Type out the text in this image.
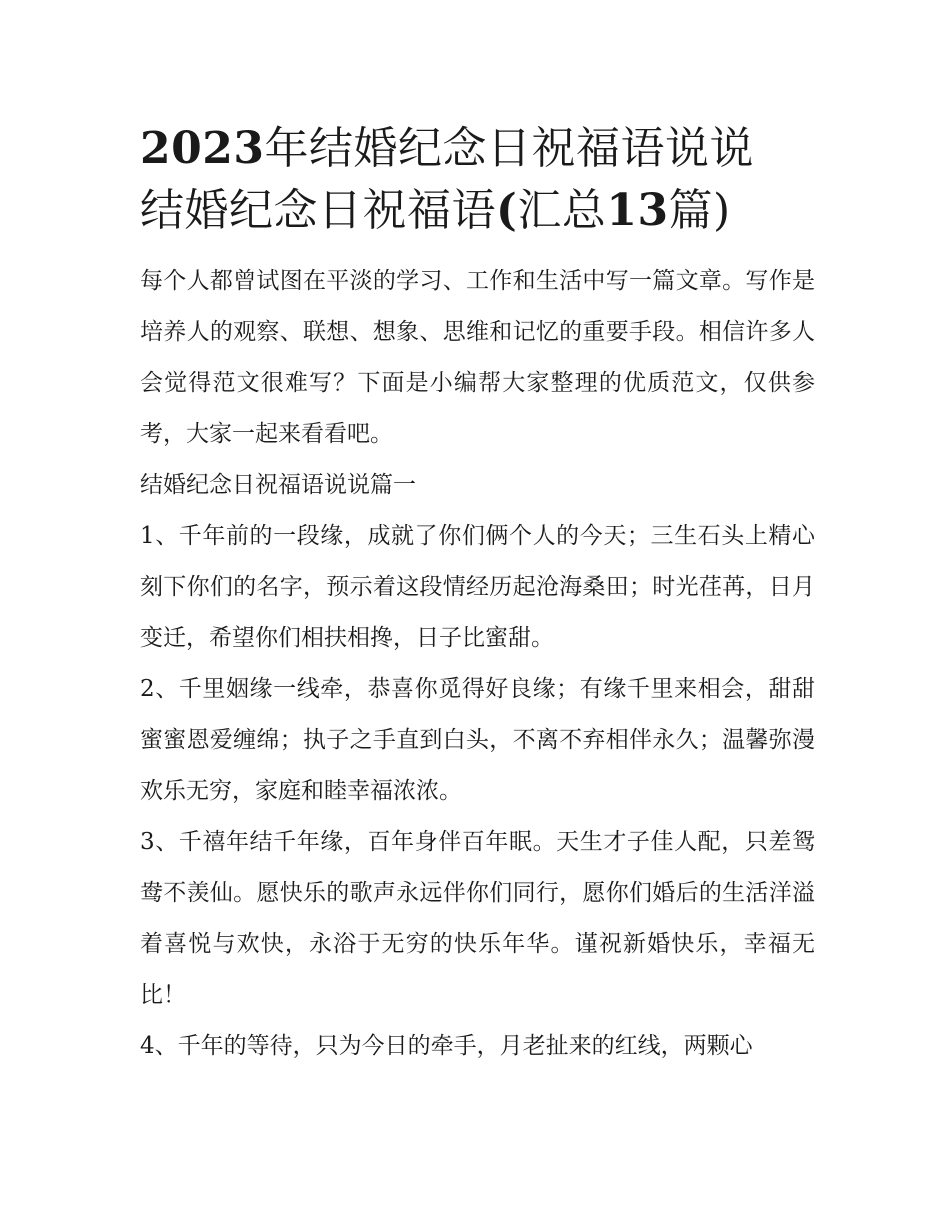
2023年结婚纪念日祝福语说说
结婚纪念日祝福语(汇总13篇)

每个人都曾试图在平淡的学习、工作和生活中写一篇文章。写作是培养人的观察、联想、想象、思维和记忆的重要手段。相信许多人会觉得范文很难写？下面是小编帮大家整理的优质范文，仅供参考，大家一起来看看吧。

结婚纪念日祝福语说说篇一

1、千年前的一段缘，成就了你们俩个人的今天；三生石头上精心刻下你们的名字，预示着这段情经历起沧海桑田；时光荏苒，日月变迁，希望你们相扶相搀，日子比蜜甜。

2、千里姻缘一线牵，恭喜你觅得好良缘；有缘千里来相会，甜甜蜜蜜恩爱缠绵；执子之手直到白头，不离不弃相伴永久；温馨弥漫欢乐无穷，家庭和睦幸福浓浓。

3、千禧年结千年缘，百年身伴百年眠。天生才子佳人配，只差鸳鸯不羡仙。愿快乐的歌声永远伴你们同行，愿你们婚后的生活洋溢着喜悦与欢快，永浴于无穷的快乐年华。谨祝新婚快乐，幸福无比！

4、千年的等待，只为今日的牵手，月老扯来的红线，两颗心
